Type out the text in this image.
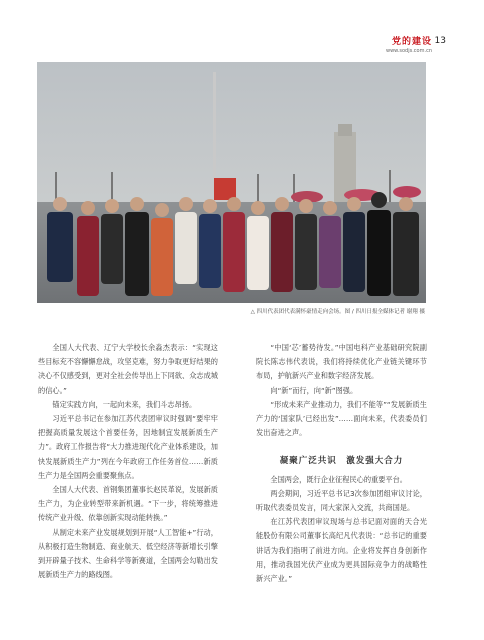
党的建设
www.sodjs.com.cn
13
△ 四川代表团代表满怀豪情走向会场。图 / 四川日报全媒体记者 谢翔 摄

全国人大代表、辽宁大学校长余淼杰表示：“实现这些目标充不容懈懈怠战，攻坚克难，努力争取更好结果的决心不仅感受到，更对全社会传导出上下同欲、众志成城的信心。”

锚定实践方向，一起向未来，我们斗志昂扬。

习近平总书记在参加江苏代表团审议时强调“要牢牢把握高质量发展这个首要任务，因地制宜发展新质生产力”。政府工作报告将“大力推进现代化产业体系建设，加快发展新质生产力”列在今年政府工作任务首位……新质生产力是全国两会重要聚焦点。

全国人大代表、首钢集团董事长赵民革说，发展新质生产力，为企业转型带来新机遇。“下一步，将统筹推进传统产业升级、依靠创新实现动能转换。”

从制定未来产业发展规划到开展“人工智能+”行动，从积极打造生物制造、商业航天、低空经济等新增长引擎到开辟量子技术、生命科学等新赛道，全国两会勾勒出发展新质生产力的路线图。

“中国‘芯’蓄势待发。”中国电科产业基础研究院副院长陈志伟代表说，我们将持续优化产业链关键环节布局，护航新兴产业和数字经济发展。

向“新”而行，向“新”图强。

“形成未来产业推动力，我们不能等”“发展新质生产力的‘国家队’已经出发”……面向未来，代表委员们发出奋进之声。

凝聚广泛共识　激发强大合力

全国两会，既行企业征程民心的重要平台。

两会期间，习近平总书记3次参加团组审议讨论，听取代表委员发言，同大家深入交流，共商国是。

在江苏代表团审议现场与总书记面对面的天合光能股份有限公司董事长高纪凡代表说：“总书记的重要讲话为我们指明了前进方向。企业将发挥自身创新作用，推动我国光伏产业成为更具国际竞争力的战略性新兴产业。”
